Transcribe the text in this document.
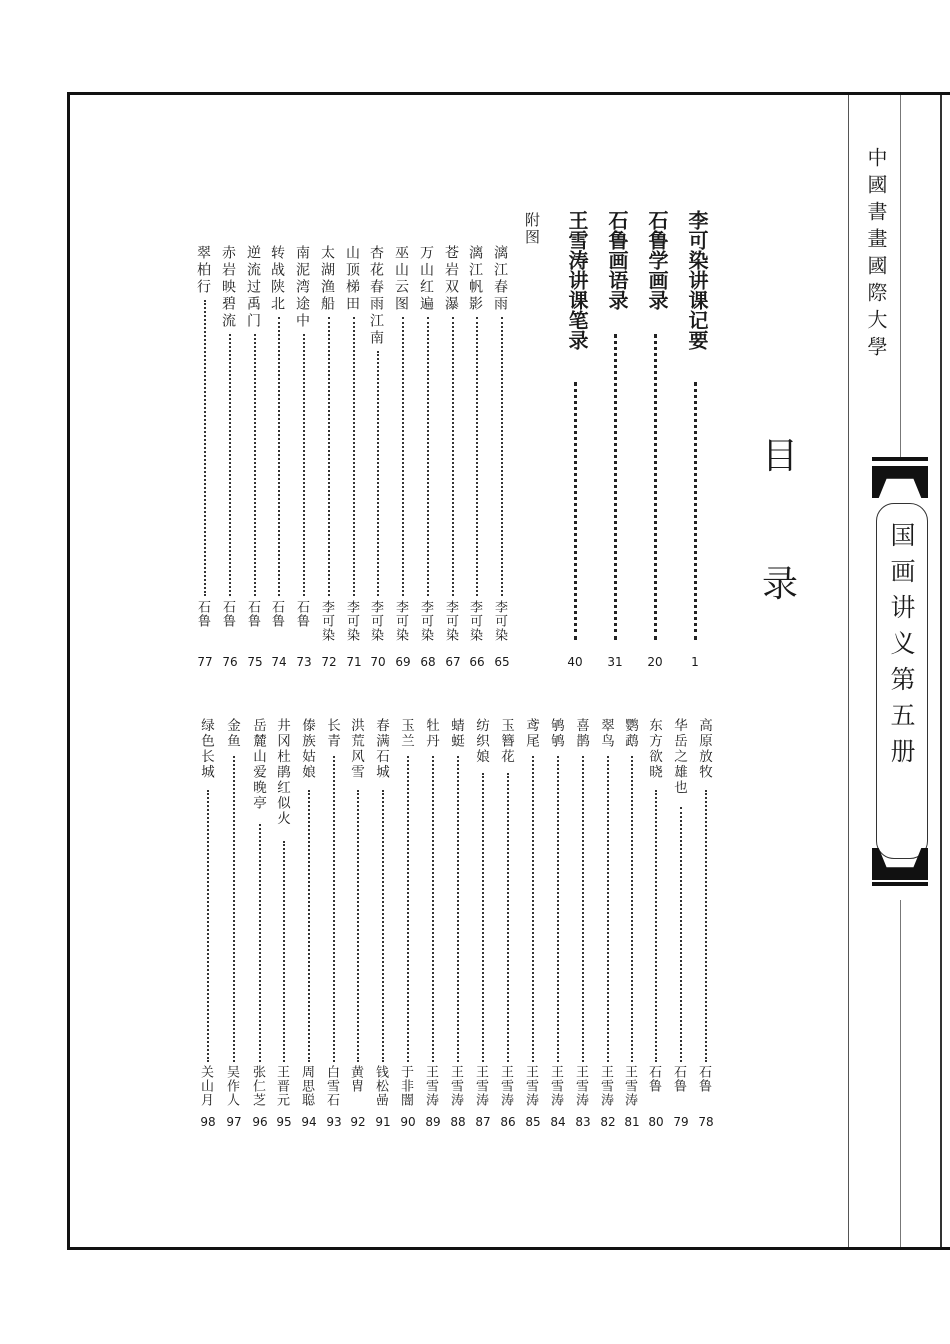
中國書畫國際大學
国画讲义第五册
目
录
附图	李可染讲课记要
1
石鲁学画录
20
石鲁画语录
31
王雪涛讲课笔录
40
漓江春雨
李可染
65
漓江帆影
李可染
66
苍岩双瀑
李可染
67
万山红遍
李可染
68
巫山云图
李可染
69
杏花春雨江南
李可染
70
山顶梯田
李可染
71
太湖渔船
李可染
72
南泥湾途中
石鲁
73
转战陕北
石鲁
74
逆流过禹门
石鲁
75
赤岩映碧流
石鲁
76
翠柏行
石鲁
77
高原放牧
石鲁
78
华岳之雄也
石鲁
79
东方欲晓
石鲁
80
鹦鹉
王雪涛
81
翠鸟
王雪涛
82
喜鹊
王雪涛
83
鸲鸲
王雪涛
84
鸢尾
王雪涛
85
玉簪花
王雪涛
86
纺织娘
王雪涛
87
蜻蜓
王雪涛
88
牡丹
王雪涛
89
玉兰
于非闇
90
春满石城
钱松喦
91
洪荒风雪
黄胄
92
长青
白雪石
93
傣族姑娘
周思聪
94
井冈杜鹃红似火
王晋元
95
岳麓山爱晚亭
张仁芝
96
金鱼
吴作人
97
绿色长城
关山月
98
